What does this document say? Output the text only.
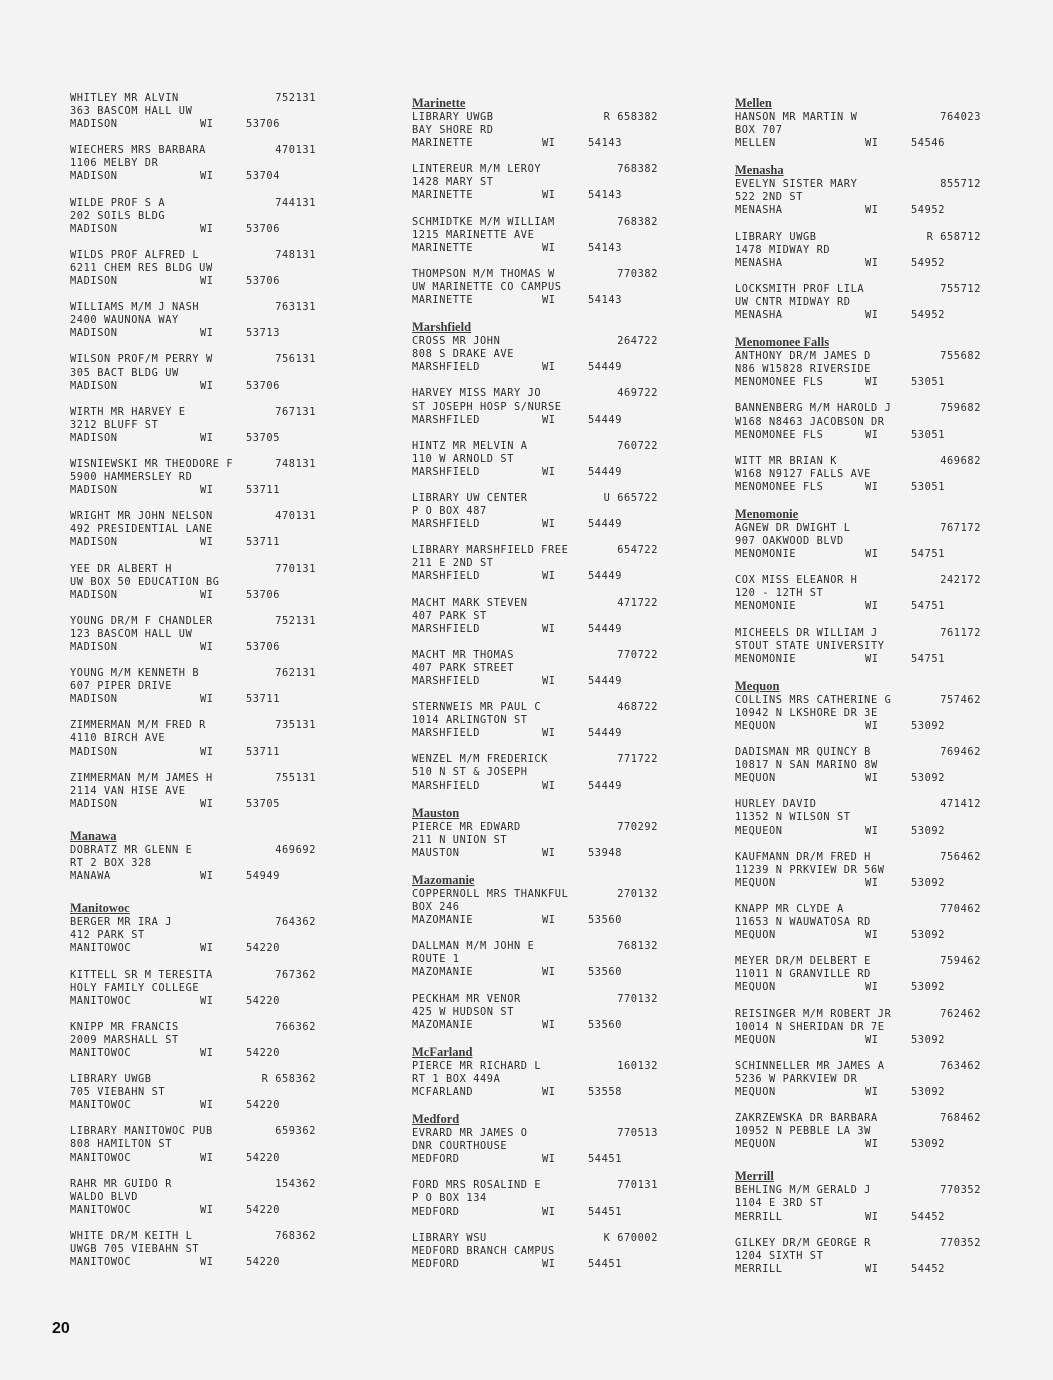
WHITLEY MR ALVIN	752131
363 BASCOM HALL UW
MADISON	WI	53706
WIECHERS MRS BARBARA	470131
1106 MELBY DR
MADISON	WI	53704
WILDE PROF S A	744131
202 SOILS BLDG
MADISON	WI	53706
WILDS PROF ALFRED L	748131
6211 CHEM RES BLDG UW
MADISON	WI	53706
WILLIAMS M/M J NASH	763131
2400 WAUNONA WAY
MADISON	WI	53713
WILSON PROF/M PERRY W	756131
305 BACT BLDG UW
MADISON	WI	53706
WIRTH MR HARVEY E	767131
3212 BLUFF ST
MADISON	WI	53705
WISNIEWSKI MR THEODORE F	748131
5900 HAMMERSLEY RD
MADISON	WI	53711
WRIGHT MR JOHN NELSON	470131
492 PRESIDENTIAL LANE
MADISON	WI	53711
YEE DR ALBERT H	770131
UW BOX 50 EDUCATION BG
MADISON	WI	53706
YOUNG DR/M F CHANDLER	752131
123 BASCOM HALL UW
MADISON	WI	53706
YOUNG M/M KENNETH B	762131
607 PIPER DRIVE
MADISON	WI	53711
ZIMMERMAN M/M FRED R	735131
4110 BIRCH AVE
MADISON	WI	53711
ZIMMERMAN M/M JAMES H	755131
2114 VAN HISE AVE
MADISON	WI	53705
Manawa
DOBRATZ MR GLENN E	469692
RT 2 BOX 328
MANAWA	WI	54949
Manitowoc
BERGER MR IRA J	764362
412 PARK ST
MANITOWOC	WI	54220
KITTELL SR M TERESITA	767362
HOLY FAMILY COLLEGE
MANITOWOC	WI	54220
KNIPP MR FRANCIS	766362
2009 MARSHALL ST
MANITOWOC	WI	54220
LIBRARY UWGB	R 658362
705 VIEBAHN ST
MANITOWOC	WI	54220
LIBRARY MANITOWOC PUB	659362
808 HAMILTON ST
MANITOWOC	WI	54220
RAHR MR GUIDO R	154362
WALDO BLVD
MANITOWOC	WI	54220
WHITE DR/M KEITH L	768362
UWGB 705 VIEBAHN ST
MANITOWOC	WI	54220
Marinette
LIBRARY UWGB	R 658382
BAY SHORE RD
MARINETTE	WI	54143
LINTEREUR M/M LEROY	768382
1428 MARY ST
MARINETTE	WI	54143
SCHMIDTKE M/M WILLIAM	768382
1215 MARINETTE AVE
MARINETTE	WI	54143
THOMPSON M/M THOMAS W	770382
UW MARINETTE CO CAMPUS
MARINETTE	WI	54143
Marshfield
CROSS MR JOHN	264722
808 S DRAKE AVE
MARSHFIELD	WI	54449
HARVEY MISS MARY JO	469722
ST JOSEPH HOSP S/NURSE
MARSHFILED	WI	54449
HINTZ MR MELVIN A	760722
110 W ARNOLD ST
MARSHFIELD	WI	54449
LIBRARY UW CENTER	U 665722
P O BOX 487
MARSHFIELD	WI	54449
LIBRARY MARSHFIELD FREE	654722
211 E 2ND ST
MARSHFIELD	WI	54449
MACHT MARK STEVEN	471722
407 PARK ST
MARSHFIELD	WI	54449
MACHT MR THOMAS	770722
407 PARK STREET
MARSHFIELD	WI	54449
STERNWEIS MR PAUL C	468722
1014 ARLINGTON ST
MARSHFIELD	WI	54449
WENZEL M/M FREDERICK	771722
510 N ST & JOSEPH
MARSHFIELD	WI	54449
Mauston
PIERCE MR EDWARD	770292
211 N UNION ST
MAUSTON	WI	53948
Mazomanie
COPPERNOLL MRS THANKFUL	270132
BOX 246
MAZOMANIE	WI	53560
DALLMAN M/M JOHN E	768132
ROUTE 1
MAZOMANIE	WI	53560
PECKHAM MR VENOR	770132
425 W HUDSON ST
MAZOMANIE	WI	53560
McFarland
PIERCE MR RICHARD L	160132
RT 1 BOX 449A
MCFARLAND	WI	53558
Medford
EVRARD MR JAMES O	770513
DNR COURTHOUSE
MEDFORD	WI	54451
FORD MRS ROSALIND E	770131
P O BOX 134
MEDFORD	WI	54451
LIBRARY WSU	K 670002
MEDFORD BRANCH CAMPUS
MEDFORD	WI	54451
Mellen
HANSON MR MARTIN W	764023
BOX 707
MELLEN	WI	54546
Menasha
EVELYN SISTER MARY	855712
522 2ND ST
MENASHA	WI	54952
LIBRARY UWGB	R 658712
1478 MIDWAY RD
MENASHA	WI	54952
LOCKSMITH PROF LILA	755712
UW CNTR MIDWAY RD
MENASHA	WI	54952
Menomonee Falls
ANTHONY DR/M JAMES D	755682
N86 W15828 RIVERSIDE
MENOMONEE FLS	WI	53051
BANNENBERG M/M HAROLD J	759682
W168 N8463 JACOBSON DR
MENOMONEE FLS	WI	53051
WITT MR BRIAN K	469682
W168 N9127 FALLS AVE
MENOMONEE FLS	WI	53051
Menomonie
AGNEW DR DWIGHT L	767172
907 OAKWOOD BLVD
MENOMONIE	WI	54751
COX MISS ELEANOR H	242172
120 - 12TH ST
MENOMONIE	WI	54751
MICHEELS DR WILLIAM J	761172
STOUT STATE UNIVERSITY
MENOMONIE	WI	54751
Mequon
COLLINS MRS CATHERINE G	757462
10942 N LKSHORE DR 3E
MEQUON	WI	53092
DADISMAN MR QUINCY B	769462
10817 N SAN MARINO 8W
MEQUON	WI	53092
HURLEY DAVID	471412
11352 N WILSON ST
MEQUEON	WI	53092
KAUFMANN DR/M FRED H	756462
11239 N PRKVIEW DR 56W
MEQUON	WI	53092
KNAPP MR CLYDE A	770462
11653 N WAUWATOSA RD
MEQUON	WI	53092
MEYER DR/M DELBERT E	759462
11011 N GRANVILLE RD
MEQUON	WI	53092
REISINGER M/M ROBERT JR	762462
10014 N SHERIDAN DR 7E
MEQUON	WI	53092
SCHINNELLER MR JAMES A	763462
5236 W PARKVIEW DR
MEQUON	WI	53092
ZAKRZEWSKA DR BARBARA	768462
10952 N PEBBLE LA 3W
MEQUON	WI	53092
Merrill
BEHLING M/M GERALD J	770352
1104 E 3RD ST
MERRILL	WI	54452
GILKEY DR/M GEORGE R	770352
1204 SIXTH ST
MERRILL	WI	54452
20
